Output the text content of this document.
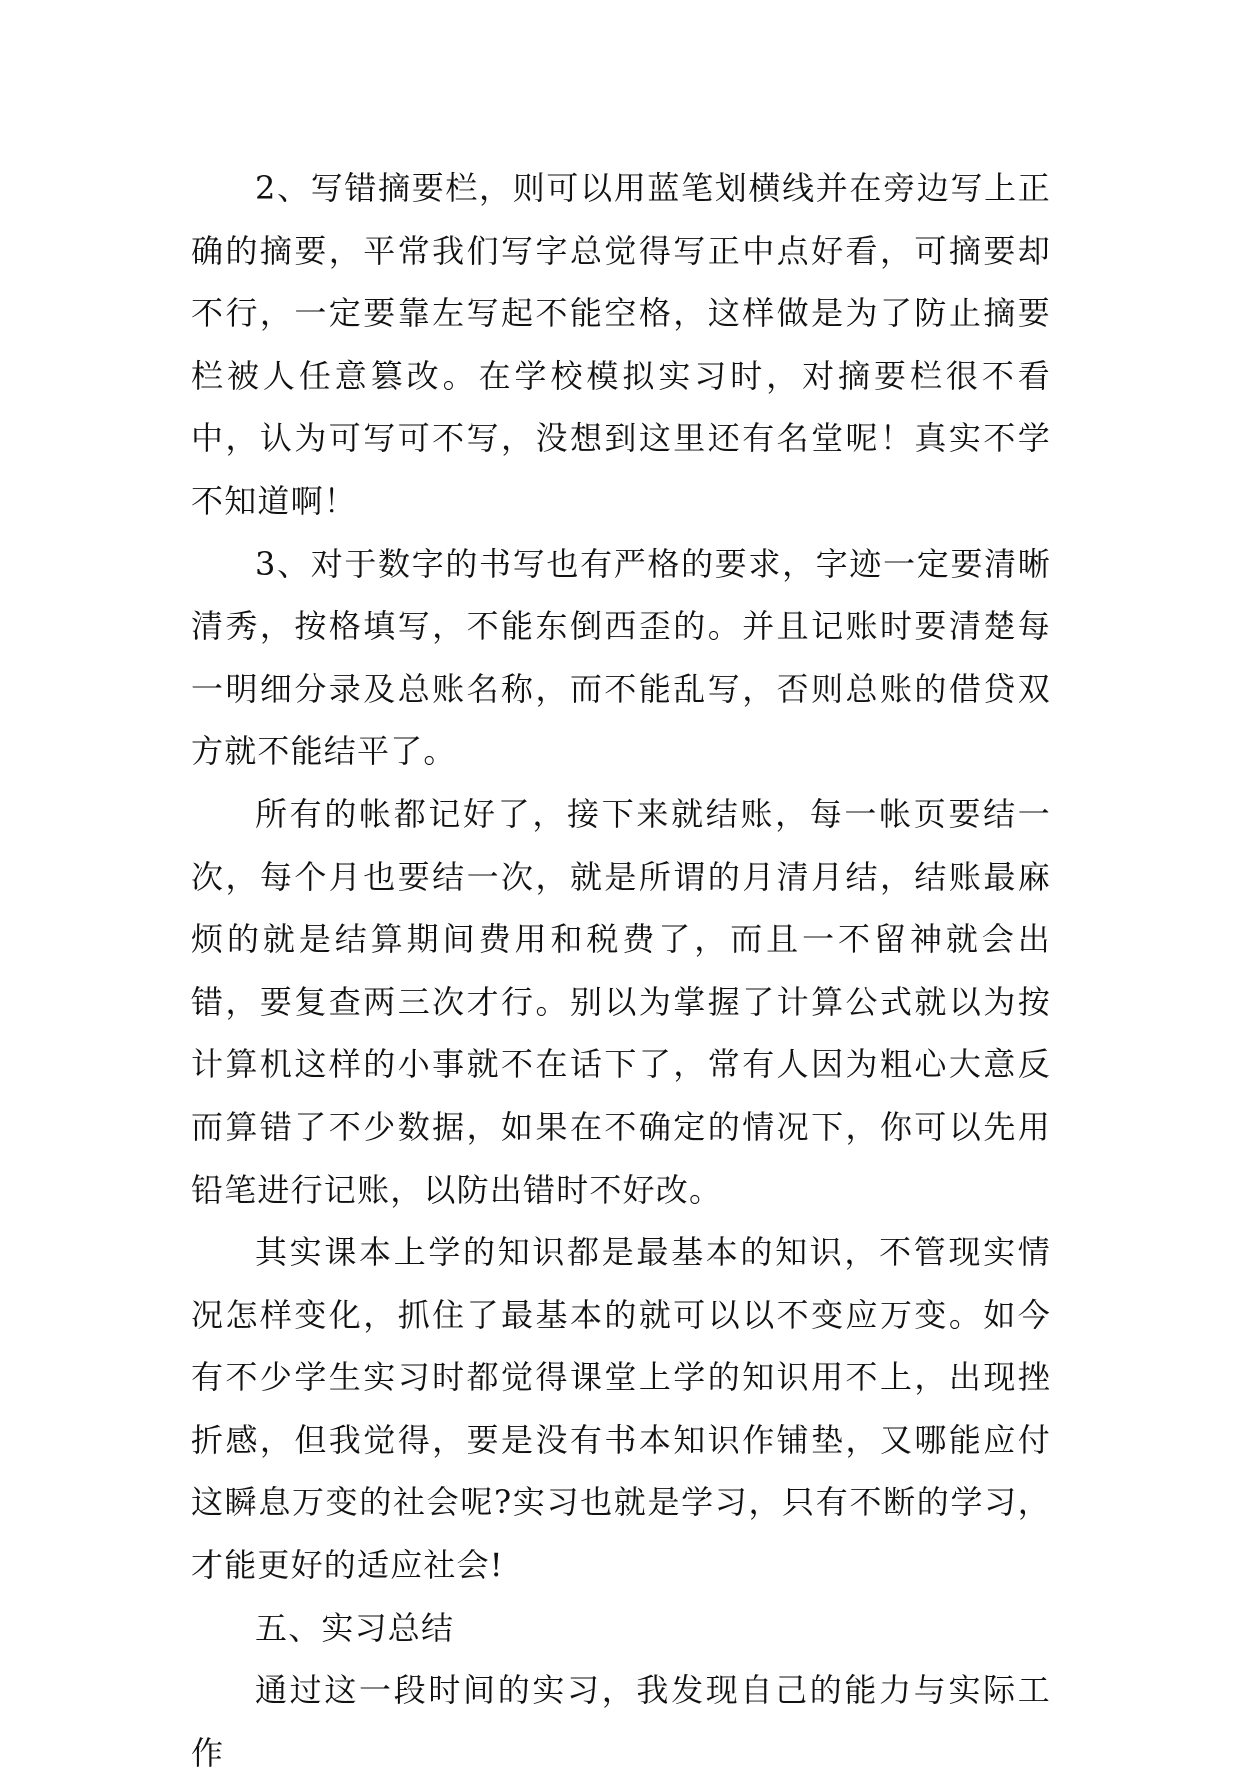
2、写错摘要栏，则可以用蓝笔划横线并在旁边写上正确的摘要，平常我们写字总觉得写正中点好看，可摘要却不行，一定要靠左写起不能空格，这样做是为了防止摘要栏被人任意篡改。在学校模拟实习时，对摘要栏很不看中，认为可写可不写，没想到这里还有名堂呢！真实不学不知道啊！

3、对于数字的书写也有严格的要求，字迹一定要清晰清秀，按格填写，不能东倒西歪的。并且记账时要清楚每一明细分录及总账名称，而不能乱写，否则总账的借贷双方就不能结平了。

所有的帐都记好了，接下来就结账，每一帐页要结一次，每个月也要结一次，就是所谓的月清月结，结账最麻烦的就是结算期间费用和税费了，而且一不留神就会出错，要复查两三次才行。别以为掌握了计算公式就以为按计算机这样的小事就不在话下了，常有人因为粗心大意反而算错了不少数据，如果在不确定的情况下，你可以先用铅笔进行记账，以防出错时不好改。

其实课本上学的知识都是最基本的知识，不管现实情况怎样变化，抓住了最基本的就可以以不变应万变。如今有不少学生实习时都觉得课堂上学的知识用不上，出现挫折感，但我觉得，要是没有书本知识作铺垫，又哪能应付这瞬息万变的社会呢?实习也就是学习，只有不断的学习，才能更好的适应社会!

五、实习总结

通过这一段时间的实习，我发现自己的能力与实际工作
